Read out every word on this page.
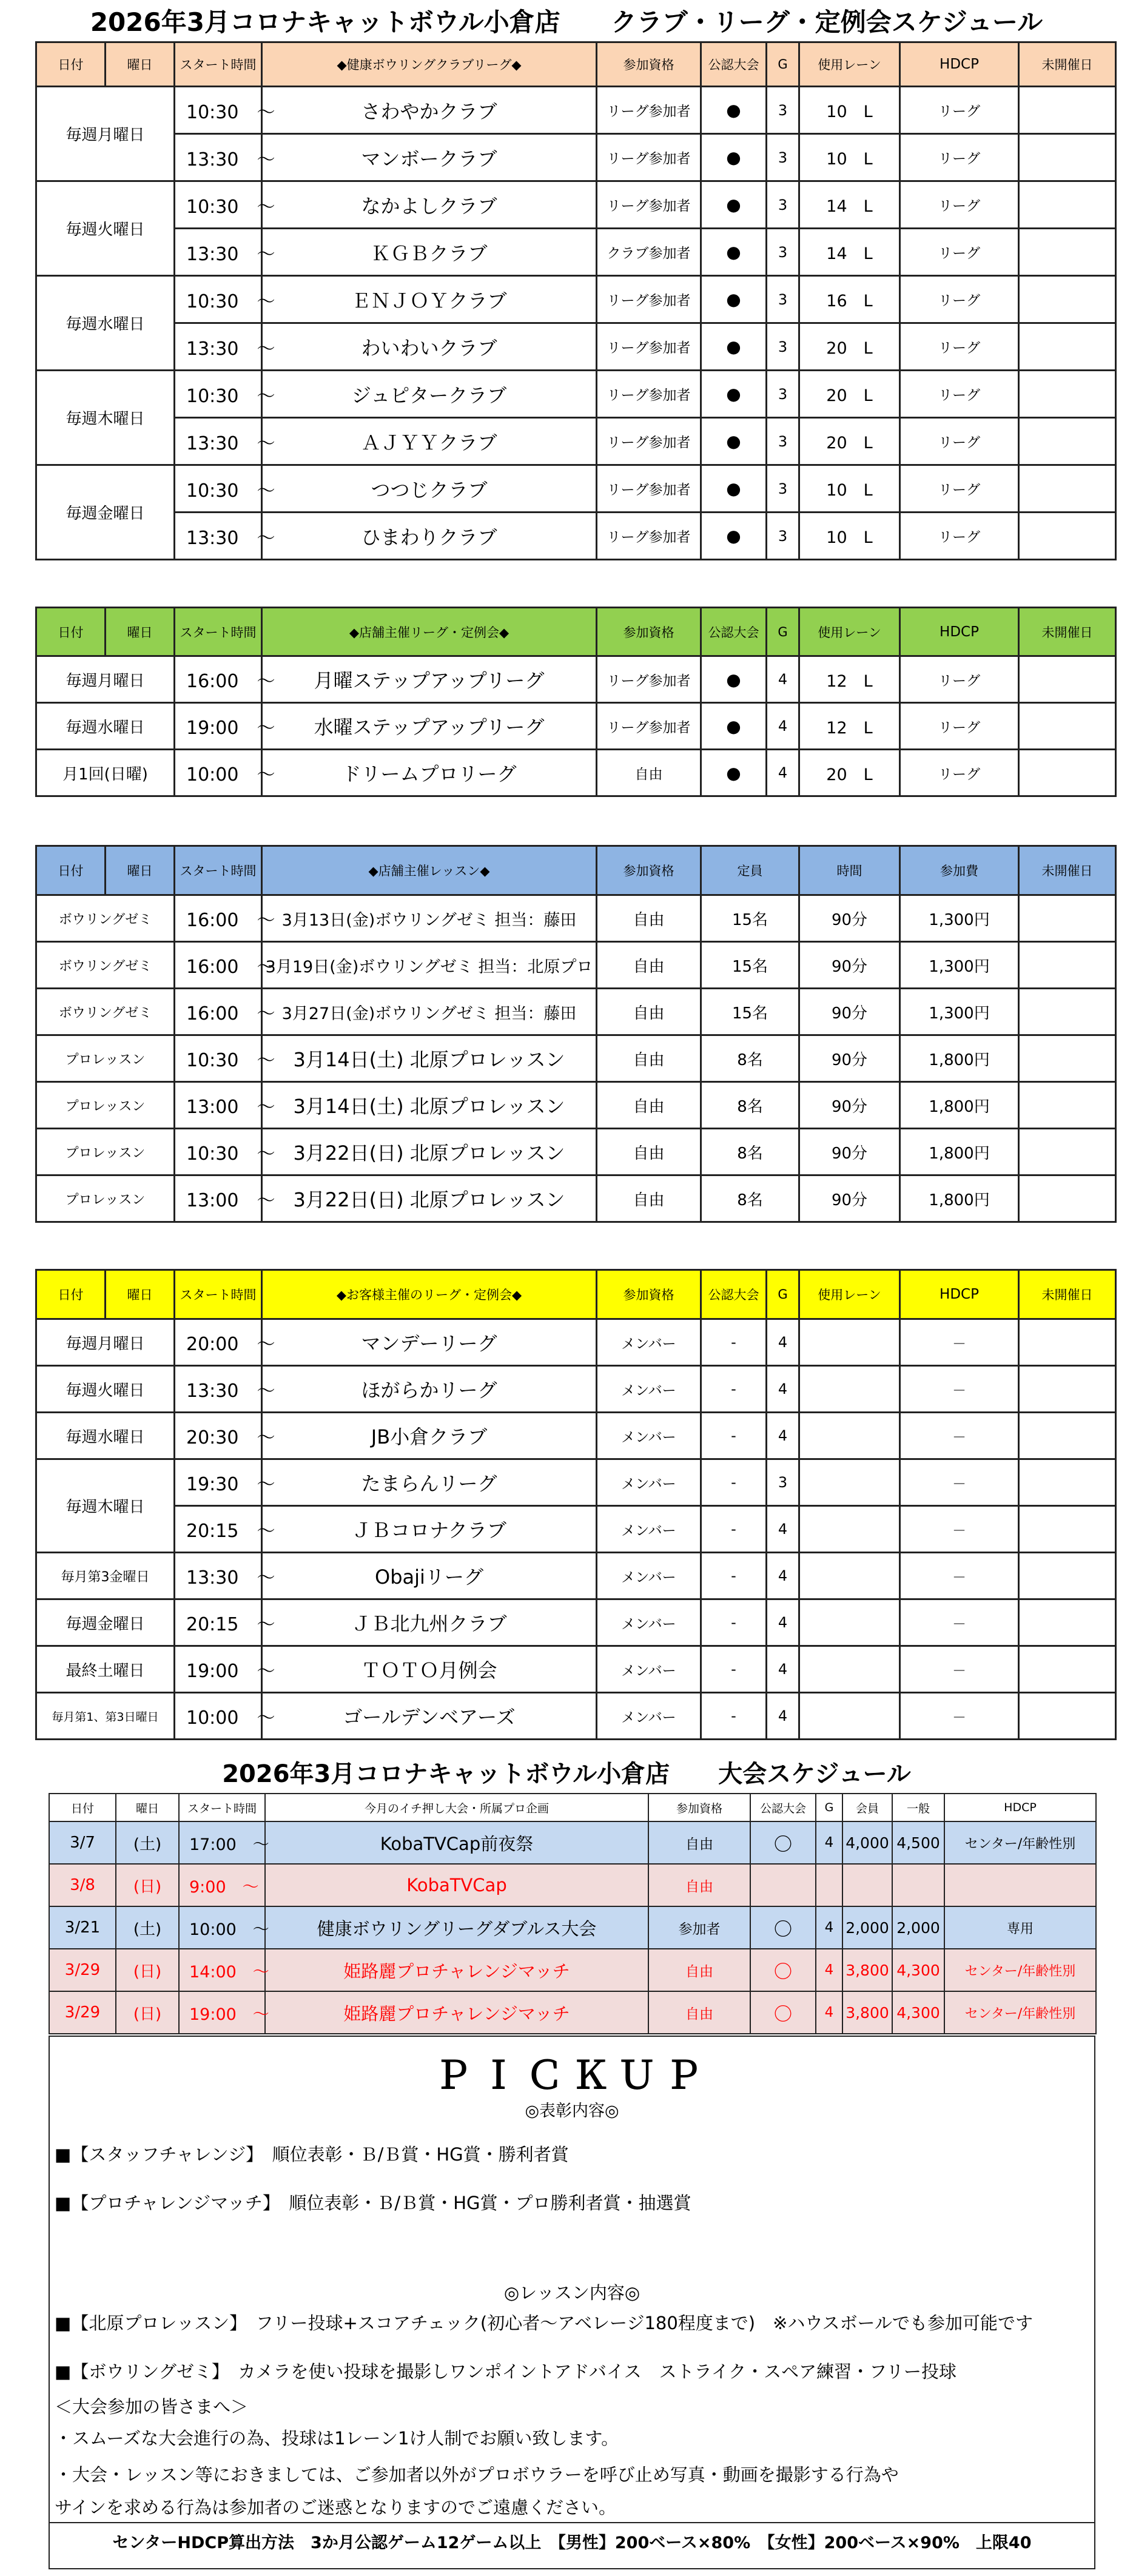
2026年3月コロナキャットボウル小倉店　　クラブ・リーグ・定例会スケジュール
日付	曜日	スタート時間	◆健康ボウリングクラブリーグ◆	参加資格	公認大会	G	使用レーン	HDCP	未開催日
毎週月曜日		10:30　～	さわやかクラブ	リーグ参加者	●	3	10　L	リーグ	
		13:30　～	マンボークラブ	リーグ参加者	●	3	10　L	リーグ	
毎週火曜日		10:30　～	なかよしクラブ	リーグ参加者	●	3	14　L	リーグ	
		13:30　～	ＫＧＢクラブ	クラブ参加者	●	3	14　L	リーグ	
毎週水曜日		10:30　～	ＥＮＪＯＹクラブ	リーグ参加者	●	3	16　L	リーグ	
		13:30　～	わいわいクラブ	リーグ参加者	●	3	20　L	リーグ	
毎週木曜日		10:30　～	ジュピタークラブ	リーグ参加者	●	3	20　L	リーグ	
		13:30　～	ＡＪＹＹクラブ	リーグ参加者	●	3	20　L	リーグ	
毎週金曜日		10:30　～	つつじクラブ	リーグ参加者	●	3	10　L	リーグ	
		13:30　～	ひまわりクラブ	リーグ参加者	●	3	10　L	リーグ	
日付	曜日	スタート時間	◆店舗主催リーグ・定例会◆	参加資格	公認大会	G	使用レーン	HDCP	未開催日
毎週月曜日		16:00　～	月曜ステップアップリーグ	リーグ参加者	●	4	12　L	リーグ	
毎週水曜日		19:00　～	水曜ステップアップリーグ	リーグ参加者	●	4	12　L	リーグ	
月1回(日曜)		10:00　～	ドリームプロリーグ	自由	●	4	20　L	リーグ	
日付	曜日	スタート時間	◆店舗主催レッスン◆	参加資格	定員	時間	参加費	未開催日
ボウリングゼミ		16:00　～	3月13日(金)ボウリングゼミ 担当：藤田	自由	15名	90分	1,300円	
ボウリングゼミ		16:00　～	3月19日(金)ボウリングゼミ 担当：北原プロ	自由	15名	90分	1,300円	
ボウリングゼミ		16:00　～	3月27日(金)ボウリングゼミ 担当：藤田	自由	15名	90分	1,300円	
プロレッスン		10:30　～	3月14日(土) 北原プロレッスン	自由	8名	90分	1,800円	
プロレッスン		13:00　～	3月14日(土) 北原プロレッスン	自由	8名	90分	1,800円	
プロレッスン		10:30　～	3月22日(日) 北原プロレッスン	自由	8名	90分	1,800円	
プロレッスン		13:00　～	3月22日(日) 北原プロレッスン	自由	8名	90分	1,800円	
日付	曜日	スタート時間	◆お客様主催のリーグ・定例会◆	参加資格	公認大会	G	使用レーン	HDCP	未開催日
毎週月曜日		20:00　～	マンデーリーグ	メンバー	-	4		－	
毎週火曜日		13:30　～	ほがらかリーグ	メンバー	-	4		－	
毎週水曜日		20:30　～	JB小倉クラブ	メンバー	-	4		－	
毎週木曜日		19:30　～	たまらんリーグ	メンバー	-	3		－	
		20:15　～	ＪＢコロナクラブ	メンバー	-	4		－	
毎月第3金曜日		13:30　～	Obajiリーグ	メンバー	-	4		－	
毎週金曜日		20:15　～	ＪＢ北九州クラブ	メンバー	-	4		－	
最終土曜日		19:00　～	ＴＯＴＯ月例会	メンバー	-	4		－	
毎月第1、第3日曜日		10:00　～	ゴールデンベアーズ	メンバー	-	4		－	
2026年3月コロナキャットボウル小倉店　　大会スケジュール
日付	曜日	スタート時間	今月のイチ押し大会・所属プロ企画	参加資格	公認大会	G	会員	一般	HDCP
3/7	(土)	17:00　～	KobaTVCap前夜祭	自由	〇	4	4,000	4,500	センター/年齢性別
3/8	(日)	9:00　～	KobaTVCap	自由					
3/21	(土)	10:00　～	健康ボウリングリーグダブルス大会	参加者	〇	4	2,000	2,000	専用
3/29	(日)	14:00　～	姫路麗プロチャレンジマッチ	自由	〇	4	3,800	4,300	センター/年齢性別
3/29	(日)	19:00　～	姫路麗プロチャレンジマッチ	自由	〇	4	3,800	4,300	センター/年齢性別
ＰＩＣＫＵＰ
◎表彰内容◎
■【スタッフチャレンジ】　順位表彰・Ｂ/Ｂ賞・HG賞・勝利者賞
■【プロチャレンジマッチ】　順位表彰・Ｂ/Ｂ賞・HG賞・プロ勝利者賞・抽選賞
◎レッスン内容◎
■【北原プロレッスン】　フリー投球+スコアチェック(初心者～アベレージ180程度まで)　※ハウスボールでも参加可能です
■【ボウリングゼミ】　カメラを使い投球を撮影しワンポイントアドバイス　ストライク・スペア練習・フリー投球
＜大会参加の皆さまへ＞
・スムーズな大会進行の為、投球は1レーン1け人制でお願い致します。
・大会・レッスン等におきましては、ご参加者以外がプロボウラーを呼び止め写真・動画を撮影する行為や
サインを求める行為は参加者のご迷惑となりますのでご遠慮ください。
センターHDCP算出方法　3か月公認ゲーム12ゲーム以上　【男性】200ベース×80%　【女性】200ベース×90%　上限40
